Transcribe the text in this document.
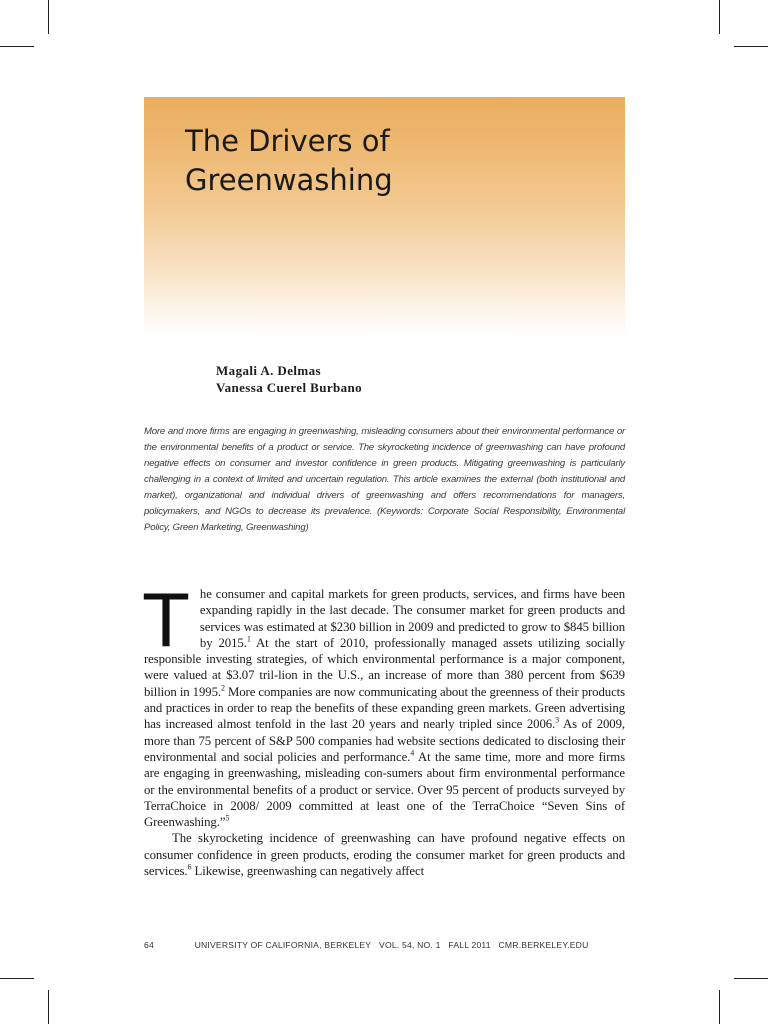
The Drivers of
Greenwashing
Magali A. Delmas
Vanessa Cuerel Burbano

More and more firms are engaging in greenwashing, misleading consumers about their environmental performance or the environmental benefits of a product or service. The skyrocketing incidence of greenwashing can have profound negative effects on consumer and investor confidence in green products. Mitigating greenwashing is particularly challenging in a context of limited and uncertain regulation. This article examines the external (both institutional and market), organizational and individual drivers of greenwashing and offers recommendations for managers, policymakers, and NGOs to decrease its prevalence. (Keywords: Corporate Social Responsibility, Environmental Policy, Green Marketing, Greenwashing)

The consumer and capital markets for green products, services, and firms have been expanding rapidly in the last decade. The consumer market for green products and services was estimated at $230 billion in 2009 and predicted to grow to $845 billion by 2015.$^1$ At the start of 2010, professionally managed assets utilizing socially responsible investing strategies, of which environmental performance is a major component, were valued at $3.07 tril-lion in the U.S., an increase of more than 380 percent from $639 billion in 1995.$^2$ More companies are now communicating about the greenness of their products and practices in order to reap the benefits of these expanding green markets. Green advertising has increased almost tenfold in the last 20 years and nearly tripled since 2006.$^3$ As of 2009, more than 75 percent of S&P 500 companies had website sections dedicated to disclosing their environmental and social policies and performance.$^4$ At the same time, more and more firms are engaging in greenwashing, misleading con-sumers about firm environmental performance or the environmental benefits of a product or service. Over 95 percent of products surveyed by TerraChoice in 2008/ 2009 committed at least one of the TerraChoice “Seven Sins of Greenwashing.”$^5$

The skyrocketing incidence of greenwashing can have profound negative effects on consumer confidence in green products, eroding the consumer market for green products and services.$^6$ Likewise, greenwashing can negatively affect

64	UNIVERSITY OF CALIFORNIA, BERKELEY VOL. 54, NO. 1 FALL 2011 CMR.BERKELEY.EDU
